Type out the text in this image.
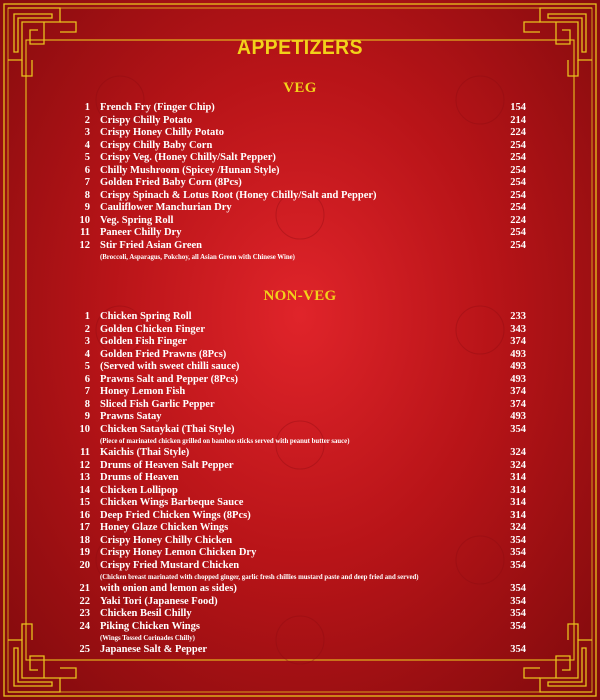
APPETIZERS
VEG
1 French Fry (Finger Chip)	154
2 Crispy Chilly Potato	214
3 Crispy Honey Chilly Potato	224
4 Crispy Chilly Baby Corn	254
5 Crispy Veg. (Honey Chilly/Salt Pepper)	254
6 Chilly Mushroom (Spicey /Hunan Style)	254
7 Golden Fried Baby Corn (8Pcs)	254
8 Crispy Spinach & Lotus Root (Honey Chilly/Salt and Pepper)	254
9 Cauliflower Manchurian Dry	254
10 Veg. Spring Roll	224
11 Paneer Chilly Dry	254
12 Stir Fried Asian Green	254
(Broccoli, Asparagus, Pokchoy, all Asian Green with Chinese Wine)
NON-VEG
1 Chicken Spring Roll	233
2 Golden Chicken Finger	343
3 Golden Fish Finger	374
4 Golden Fried Prawns (8Pcs)	493
5 (Served with sweet chilli sauce)	493
6 Prawns Salt and Pepper (8Pcs)	493
7 Honey Lemon Fish	374
8 Sliced Fish Garlic Pepper	374
9 Prawns Satay	493
10 Chicken Sataykai (Thai Style)	354
(Piece of marinated chicken grilled on bamboo sticks served with peanut butter sauce)
11 Kaichis (Thai Style)	324
12 Drums of Heaven Salt Pepper	324
13 Drums of Heaven	314
14 Chicken Lollipop	314
15 Chicken Wings Barbeque Sauce	314
16 Deep Fried Chicken Wings (8Pcs)	314
17 Honey Glaze Chicken Wings	324
18 Crispy Honey Chilly Chicken	354
19 Crispy Honey Lemon Chicken Dry	354
20 Crispy Fried Mustard Chicken	354
(Chicken breast marinated with chopped ginger, garlic fresh chillies mustard paste and deep fried and served)
21 with onion and lemon as sides)	354
22 Yaki Tori (Japanese Food)	354
23 Chicken Besil Chilly	354
24 Piking Chicken Wings	354
(Wings Tossed Corinades Chilly)
25 Japanese Salt & Pepper	354
